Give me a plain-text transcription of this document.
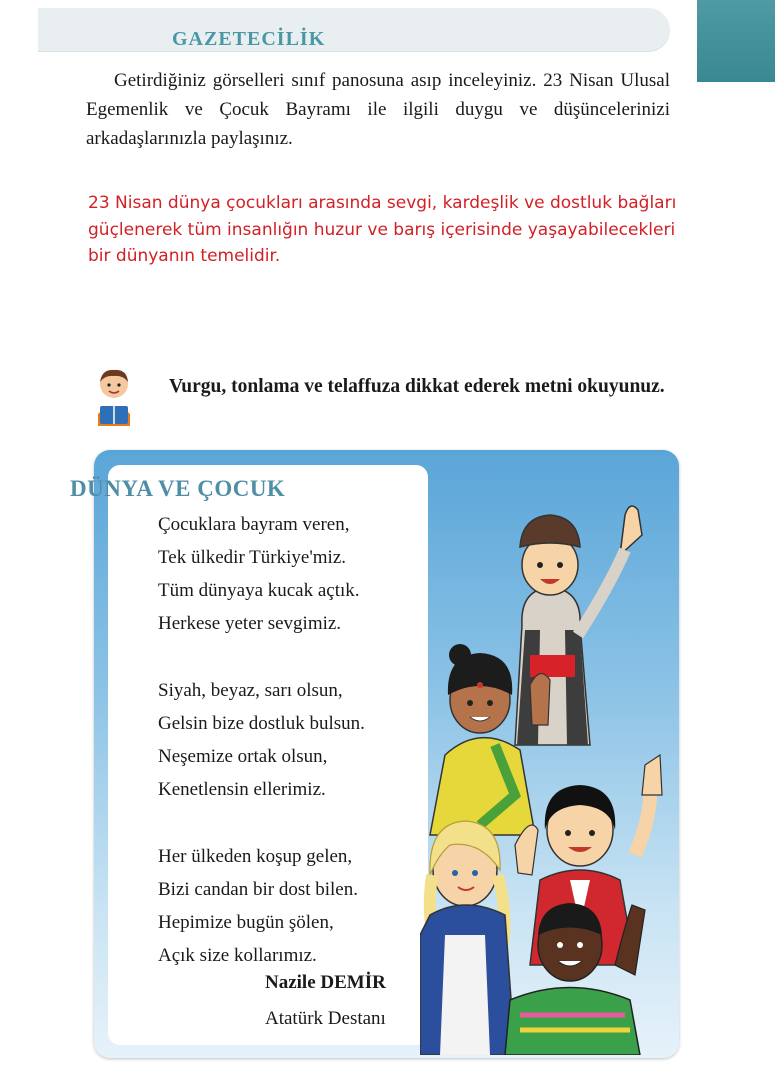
GAZETECİLİK

Getirdiğiniz görselleri sınıf panosuna asıp inceleyiniz. 23 Nisan Ulusal Egemenlik ve Çocuk Bayramı ile ilgili duygu ve düşüncelerinizi arkadaşlarınızla paylaşınız.

23 Nisan dünya çocukları arasında sevgi, kardeşlik ve dostluk bağları güçlenerek tüm insanlığın huzur ve barış içerisinde yaşayabilecekleri bir dünyanın temelidir.

Vurgu, tonlama ve telaffuza dikkat ederek metni okuyunuz.

DÜNYA VE ÇOCUK
Çocuklara bayram veren,
Tek ülkedir Türkiye'miz.
Tüm dünyaya kucak açtık.
Herkese yeter sevgimiz.
Siyah, beyaz, sarı olsun,
Gelsin bize dostluk bulsun.
Neşemize ortak olsun,
Kenetlensin ellerimiz.
Her ülkeden koşup gelen,
Bizi candan bir dost bilen.
Hepimize bugün şölen,
Açık size kollarımız.
Nazile DEMİR
Atatürk Destanı
